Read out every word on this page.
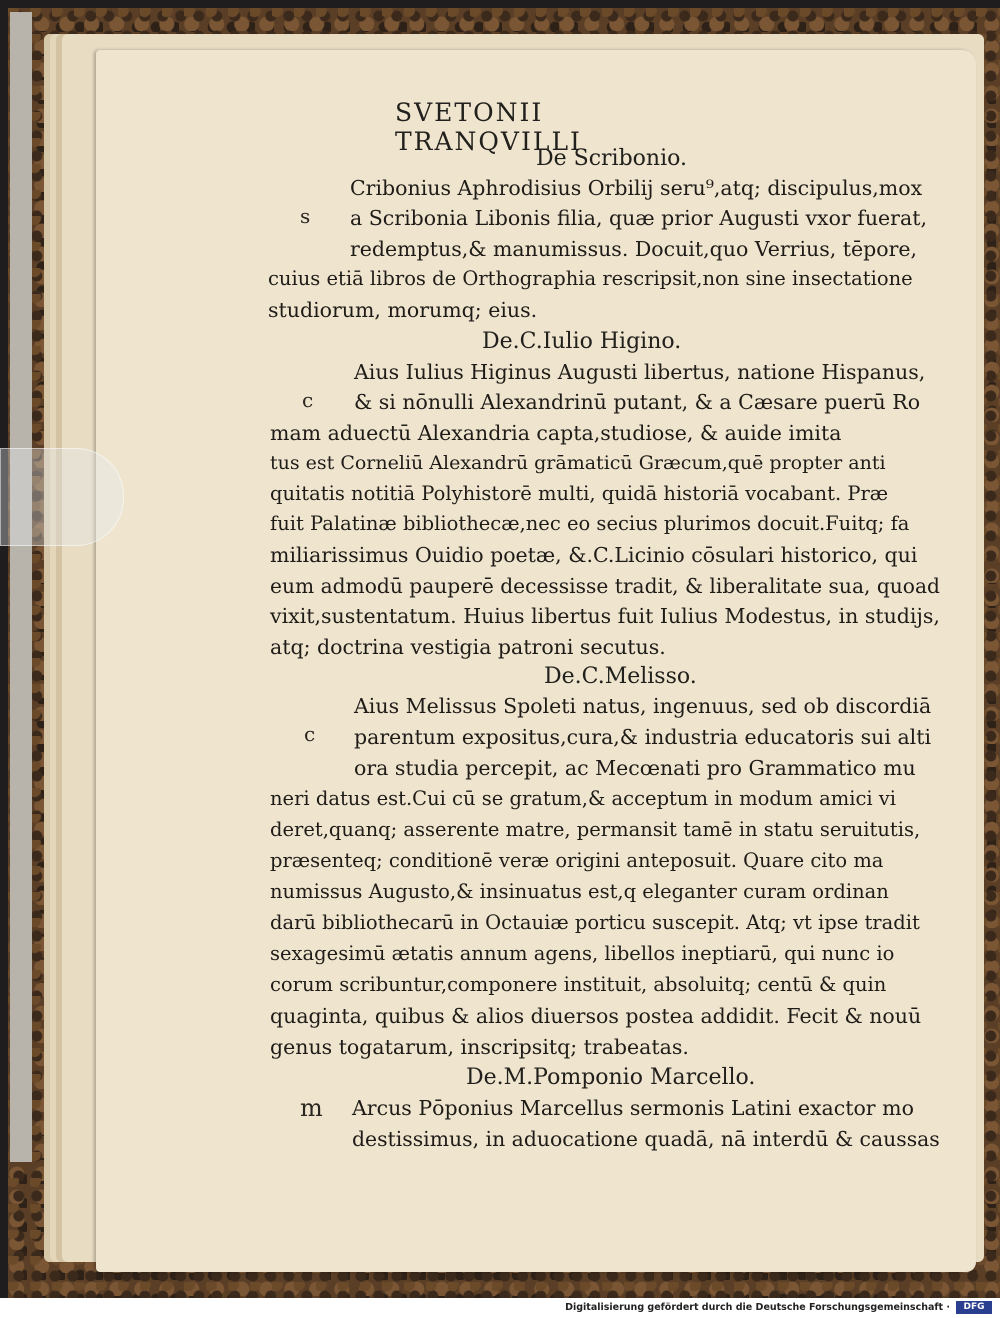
SVETONII TRANQVILLI
De Scribonio.
s
Cribonius Aphrodisius Orbilij seru⁹,atq; discipulus,mox
a Scribonia Libonis filia, quæ prior Augusti vxor fuerat,
redemptus,& manumissus. Docuit,quo Verrius, tēpore,
cuius etiā libros de Orthographia rescripsit,non sine insectatione
studiorum, morumq; eius.
De.C.Iulio Higino.
c
Aius Iulius Higinus Augusti libertus, natione Hispanus,
& si nōnulli Alexandrinū putant, & a Cæsare puerū Ro
mam aduectū Alexandria capta,studiose, & auide imita
tus est Corneliū Alexandrū grāmaticū Græcum,quē propter anti
quitatis notitiā Polyhistorē multi, quidā historiā vocabant. Præ
fuit Palatinæ bibliothecæ,nec eo secius plurimos docuit.Fuitq; fa
miliarissimus Ouidio poetæ, &.C.Licinio cōsulari historico, qui
eum admodū pauperē decessisse tradit, & liberalitate sua, quoad
vixit,sustentatum. Huius libertus fuit Iulius Modestus, in studijs,
atq; doctrina vestigia patroni secutus.
De.C.Melisso.
c
Aius Melissus Spoleti natus, ingenuus, sed ob discordiā
parentum expositus,cura,& industria educatoris sui alti
ora studia percepit, ac Mecœnati pro Grammatico mu
neri datus est.Cui cū se gratum,& acceptum in modum amici vi
deret,quanq; asserente matre, permansit tamē in statu seruitutis,
præsenteq; conditionē veræ origini anteposuit. Quare cito ma
numissus Augusto,& insinuatus est,q eleganter curam ordinan
darū bibliothecarū in Octauiæ porticu suscepit. Atq; vt ipse tradit
sexagesimū ætatis annum agens, libellos ineptiarū, qui nunc io
corum scribuntur,componere instituit, absoluitq; centū & quin
quaginta, quibus & alios diuersos postea addidit. Fecit & nouū
genus togatarum, inscripsitq; trabeatas.
De.M.Pomponio Marcello.
m Arcus Pōponius Marcellus sermonis Latini exactor mo
destissimus, in aduocatione quadā, nā interdū & caussas
Digitalisierung gefördert durch die Deutsche Forschungsgemeinschaft ·	DFG
